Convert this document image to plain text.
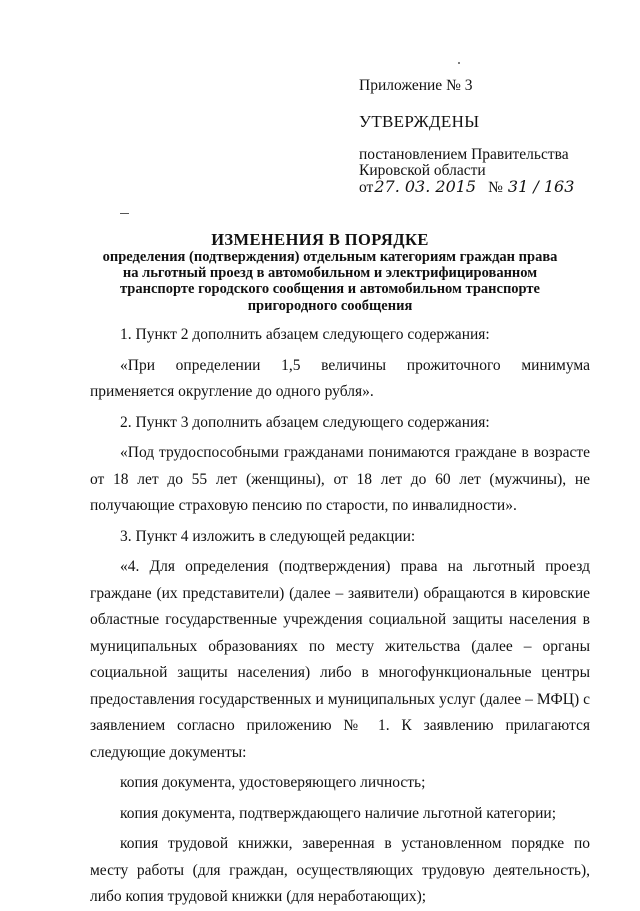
Приложение № 3
УТВЕРЖДЕНЫ
постановлением Правительства
Кировской области
от27. 03. 2015 № 31 / 163
ИЗМЕНЕНИЯ В ПОРЯДКЕ
определения (подтверждения) отдельным категориям граждан права
на льготный проезд в автомобильном и электрифицированном
транспорте городского сообщения и автомобильном транспорте
пригородного сообщения

1. Пункт 2 дополнить абзацем следующего содержания:

«При определении 1,5 величины прожиточного минимума применяется округление до одного рубля».

2. Пункт 3 дополнить абзацем следующего содержания:

«Под трудоспособными гражданами понимаются граждане в возрасте от 18 лет до 55 лет (женщины), от 18 лет до 60 лет (мужчины), не получающие страховую пенсию по старости, по инвалидности».

3. Пункт 4 изложить в следующей редакции:

«4. Для определения (подтверждения) права на льготный проезд граждане (их представители) (далее – заявители) обращаются в кировские областные государственные учреждения социальной защиты населения в муниципальных образованиях по месту жительства (далее – органы социальной защиты населения) либо в многофункциональные центры предоставления государственных и муниципальных услуг (далее – МФЦ) с заявлением согласно приложению № 1. К заявлению прилагаются следующие документы:

копия документа, удостоверяющего личность;

копия документа, подтверждающего наличие льготной категории;

копия трудовой книжки, заверенная в установленном порядке по месту работы (для граждан, осуществляющих трудовую деятельность), либо копия трудовой книжки (для неработающих);
